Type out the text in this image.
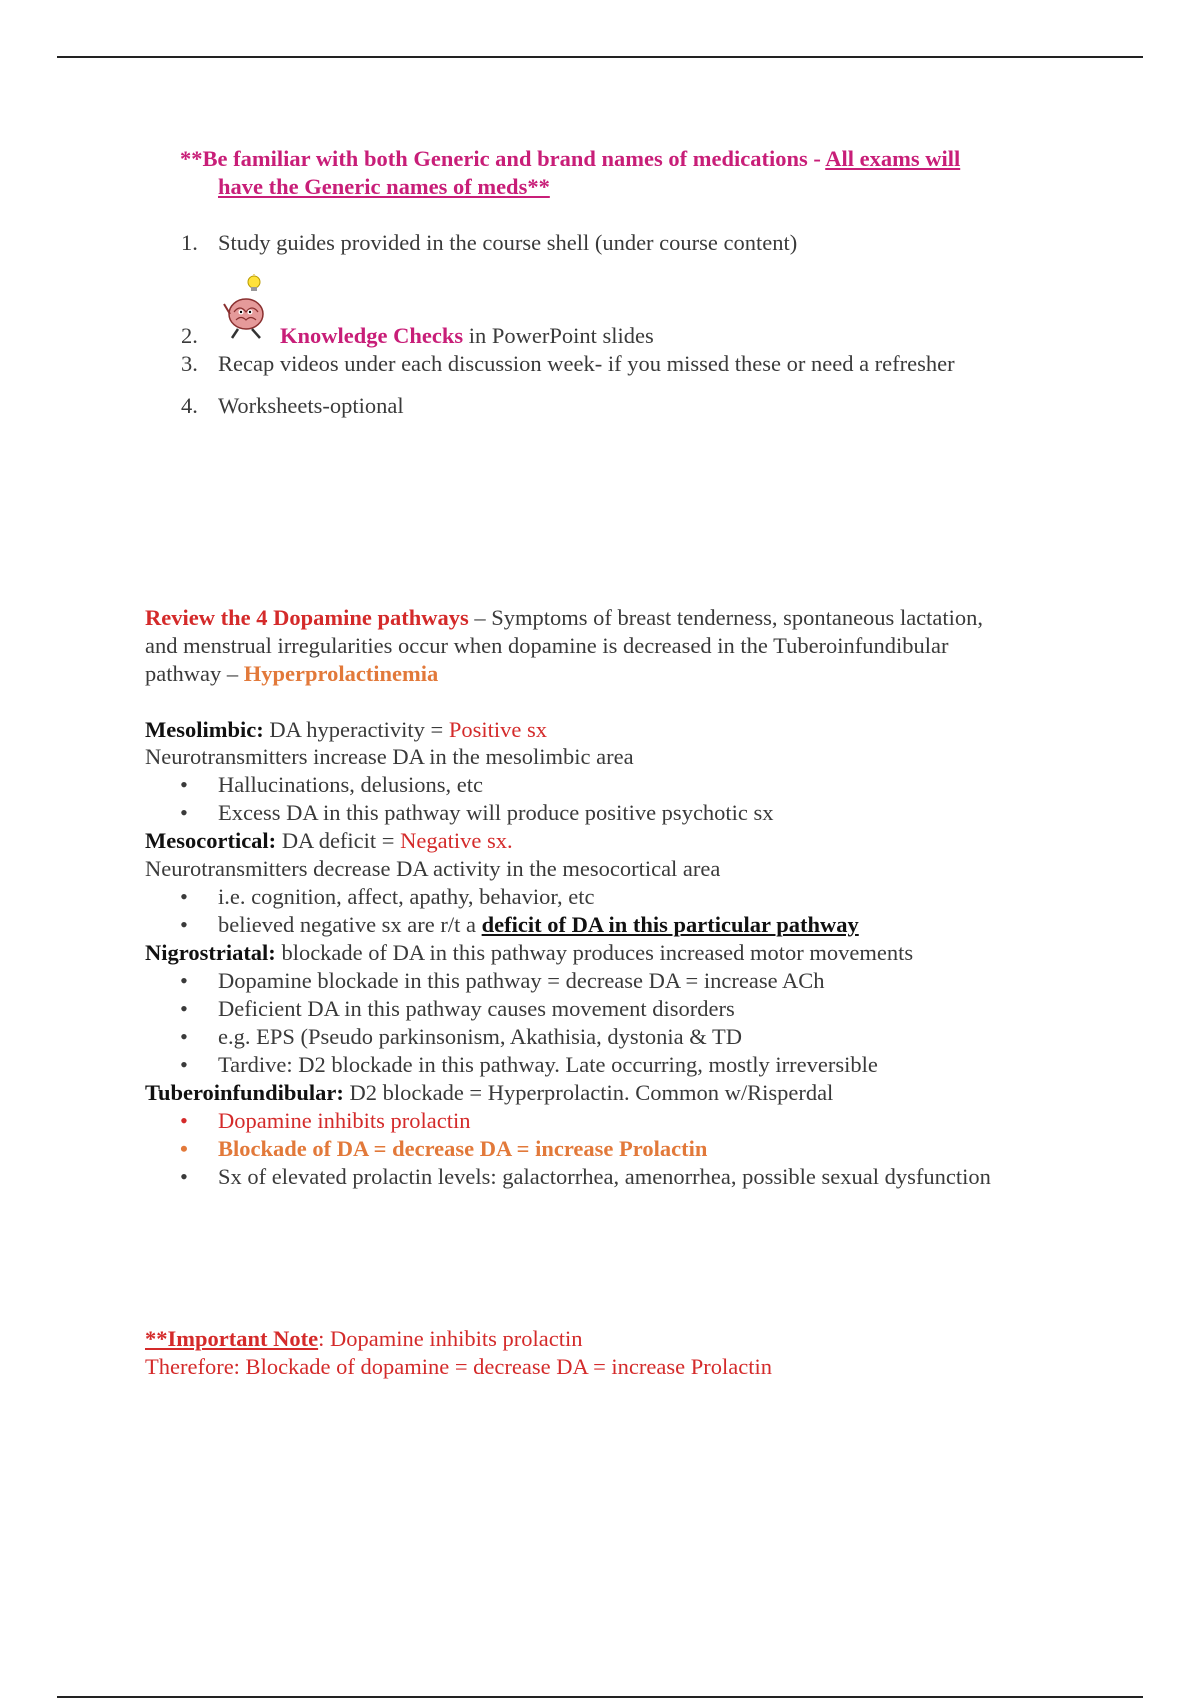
**Be familiar with both Generic and brand names of medications - All exams will
have the Generic names of meds**
1. Study guides provided in the course shell (under course content)
2.	Knowledge Checks in PowerPoint slides
3. Recap videos under each discussion week- if you missed these or need a refresher
4. Worksheets-optional
Review the 4 Dopamine pathways – Symptoms of breast tenderness, spontaneous lactation,
and menstrual irregularities occur when dopamine is decreased in the Tuberoinfundibular
pathway – Hyperprolactinemia
Mesolimbic: DA hyperactivity = Positive sx
Neurotransmitters increase DA in the mesolimbic area
• Hallucinations, delusions, etc
• Excess DA in this pathway will produce positive psychotic sx
Mesocortical: DA deficit = Negative sx.
Neurotransmitters decrease DA activity in the mesocortical area
• i.e. cognition, affect, apathy, behavior, etc
• believed negative sx are r/t a deficit of DA in this particular pathway
Nigrostriatal: blockade of DA in this pathway produces increased motor movements
• Dopamine blockade in this pathway = decrease DA = increase ACh
• Deficient DA in this pathway causes movement disorders
• e.g. EPS (Pseudo parkinsonism, Akathisia, dystonia & TD
• Tardive: D2 blockade in this pathway. Late occurring, mostly irreversible
Tuberoinfundibular: D2 blockade = Hyperprolactin. Common w/Risperdal
• Dopamine inhibits prolactin
• Blockade of DA = decrease DA = increase Prolactin
• Sx of elevated prolactin levels: galactorrhea, amenorrhea, possible sexual dysfunction
**Important Note: Dopamine inhibits prolactin
Therefore: Blockade of dopamine = decrease DA = increase Prolactin
